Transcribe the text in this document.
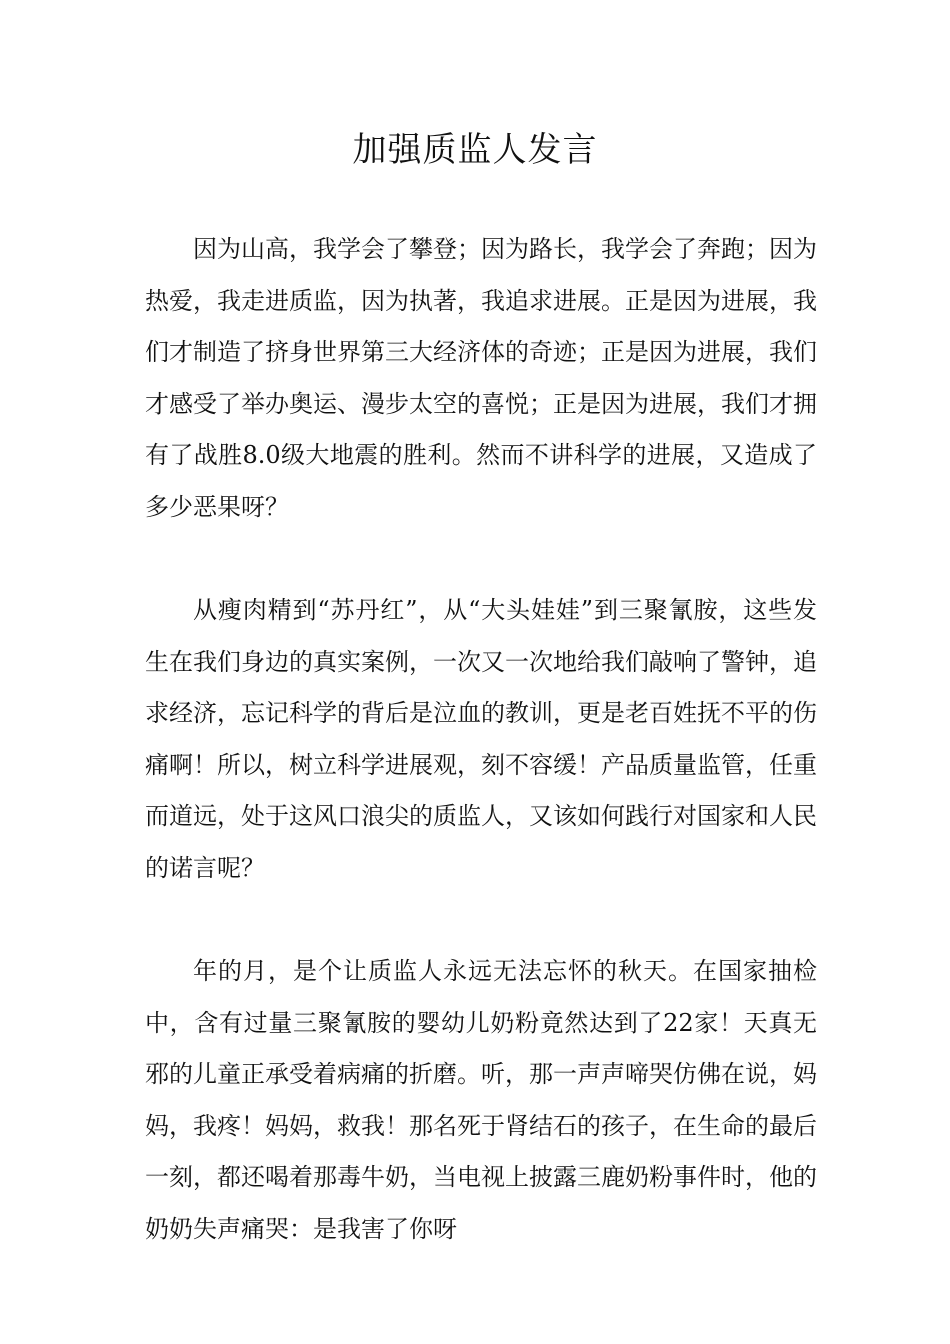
加强质监人发言

因为山高，我学会了攀登；因为路长，我学会了奔跑；因为热爱，我走进质监，因为执著，我追求进展。正是因为进展，我们才制造了挤身世界第三大经济体的奇迹；正是因为进展，我们才感受了举办奥运、漫步太空的喜悦；正是因为进展，我们才拥有了战胜8.0级大地震的胜利。然而不讲科学的进展，又造成了多少恶果呀？

从瘦肉精到“苏丹红”，从“大头娃娃”到三聚氰胺，这些发生在我们身边的真实案例，一次又一次地给我们敲响了警钟，追求经济，忘记科学的背后是泣血的教训，更是老百姓抚不平的伤痛啊！所以，树立科学进展观，刻不容缓！产品质量监管，任重而道远，处于这风口浪尖的质监人，又该如何践行对国家和人民的诺言呢？

年的月，是个让质监人永远无法忘怀的秋天。在国家抽检中，含有过量三聚氰胺的婴幼儿奶粉竟然达到了22家！天真无邪的儿童正承受着病痛的折磨。听，那一声声啼哭仿佛在说，妈妈，我疼！妈妈，救我！那名死于肾结石的孩子，在生命的最后一刻，都还喝着那毒牛奶，当电视上披露三鹿奶粉事件时，他的奶奶失声痛哭：是我害了你呀
